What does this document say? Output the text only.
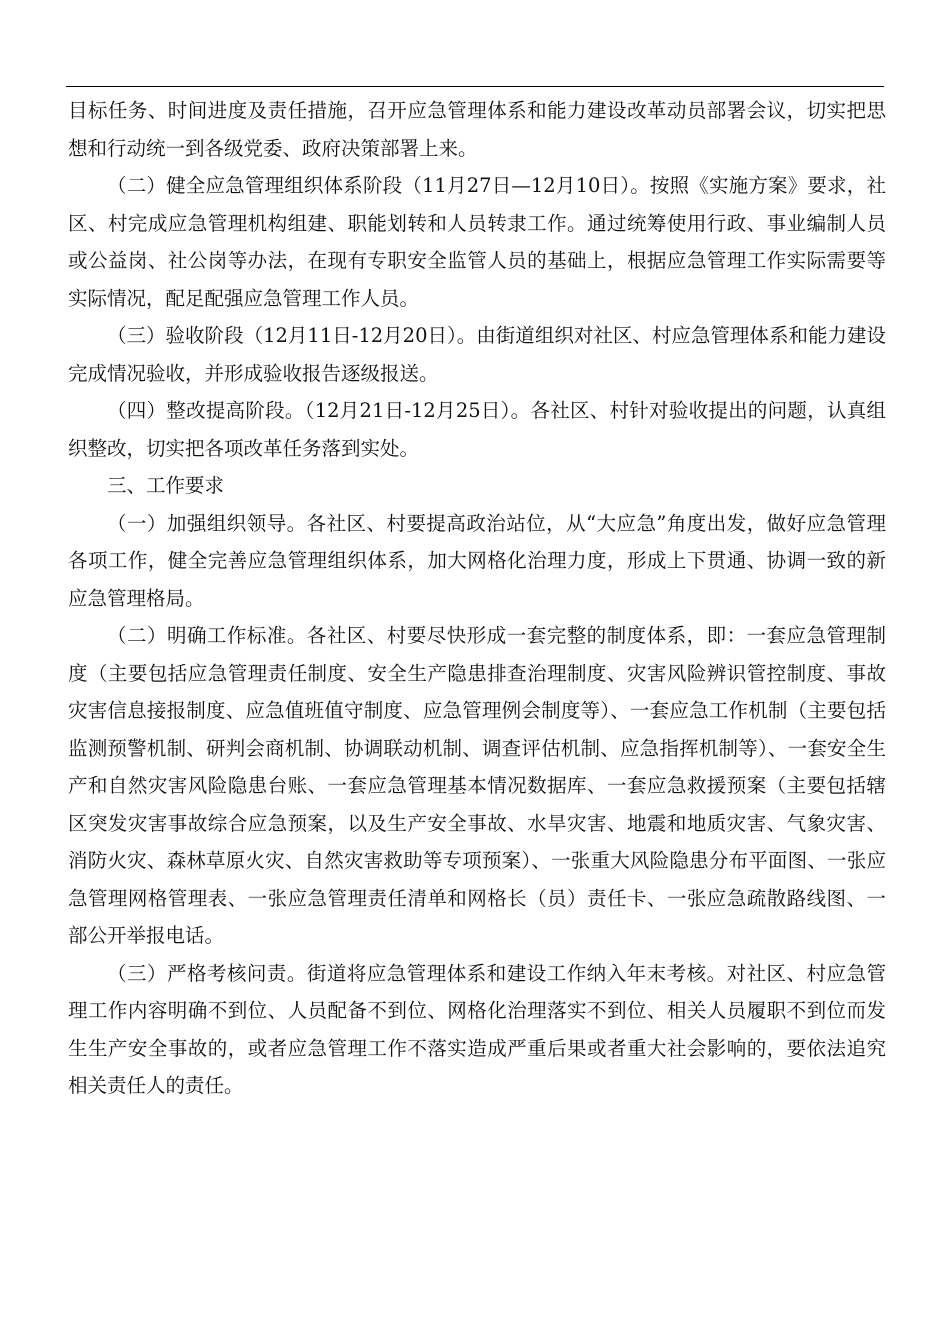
目标任务、时间进度及责任措施，召开应急管理体系和能力建设改革动员部署会议，切实把思想和行动统一到各级党委、政府决策部署上来。

（二）健全应急管理组织体系阶段（11月27日—12月10日）。按照《实施方案》要求，社区、村完成应急管理机构组建、职能划转和人员转隶工作。通过统筹使用行政、事业编制人员或公益岗、社公岗等办法，在现有专职安全监管人员的基础上，根据应急管理工作实际需要等实际情况，配足配强应急管理工作人员。

（三）验收阶段（12月11日-12月20日）。由街道组织对社区、村应急管理体系和能力建设完成情况验收，并形成验收报告逐级报送。

（四）整改提高阶段。（12月21日-12月25日）。各社区、村针对验收提出的问题，认真组织整改，切实把各项改革任务落到实处。

三、工作要求

（一）加强组织领导。各社区、村要提高政治站位，从“大应急”角度出发，做好应急管理各项工作，健全完善应急管理组织体系，加大网格化治理力度，形成上下贯通、协调一致的新应急管理格局。

（二）明确工作标准。各社区、村要尽快形成一套完整的制度体系，即：一套应急管理制度（主要包括应急管理责任制度、安全生产隐患排查治理制度、灾害风险辨识管控制度、事故灾害信息接报制度、应急值班值守制度、应急管理例会制度等）、一套应急工作机制（主要包括监测预警机制、研判会商机制、协调联动机制、调查评估机制、应急指挥机制等）、一套安全生产和自然灾害风险隐患台账、一套应急管理基本情况数据库、一套应急救援预案（主要包括辖区突发灾害事故综合应急预案，以及生产安全事故、水旱灾害、地震和地质灾害、气象灾害、消防火灾、森林草原火灾、自然灾害救助等专项预案）、一张重大风险隐患分布平面图、一张应急管理网格管理表、一张应急管理责任清单和网格长（员）责任卡、一张应急疏散路线图、一部公开举报电话。

（三）严格考核问责。街道将应急管理体系和建设工作纳入年末考核。对社区、村应急管理工作内容明确不到位、人员配备不到位、网格化治理落实不到位、相关人员履职不到位而发生生产安全事故的，或者应急管理工作不落实造成严重后果或者重大社会影响的，要依法追究相关责任人的责任。
